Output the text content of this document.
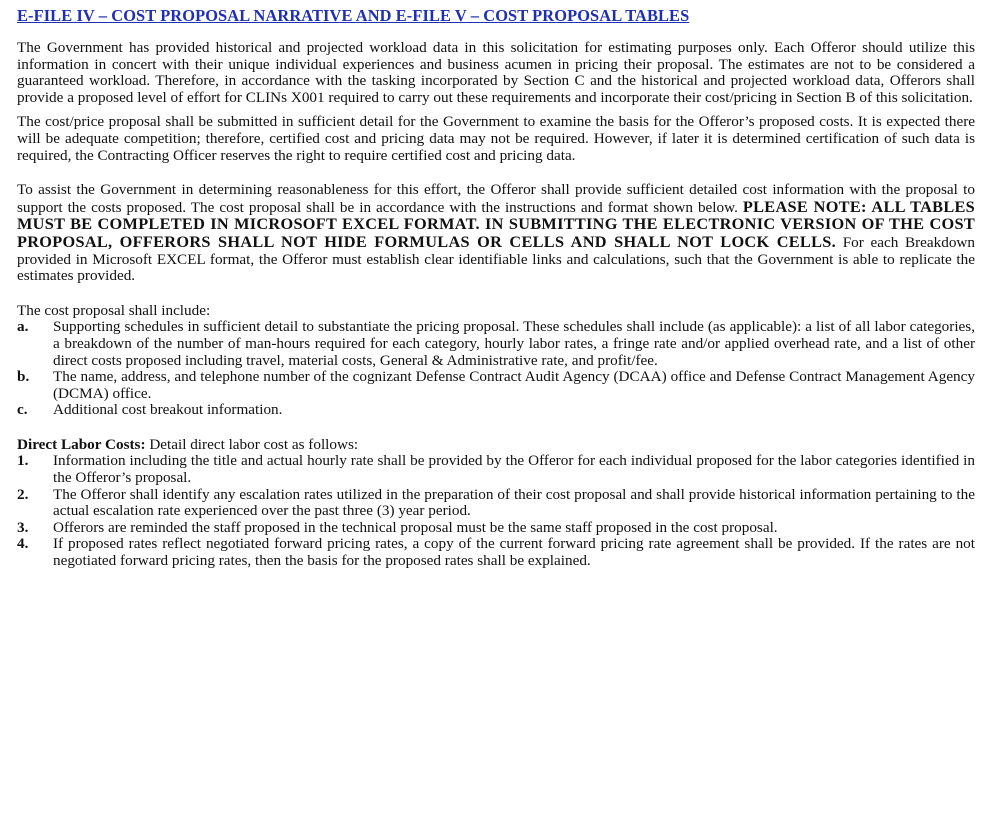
E-FILE IV – COST PROPOSAL NARRATIVE AND E-FILE V – COST PROPOSAL TABLES

The Government has provided historical and projected workload data in this solicitation for estimating purposes only. Each Offeror should utilize this information in concert with their unique individual experiences and business acumen in pricing their proposal. The estimates are not to be considered a guaranteed workload. Therefore, in accordance with the tasking incorporated by Section C and the historical and projected workload data, Offerors shall provide a proposed level of effort for CLINs X001 required to carry out these requirements and incorporate their cost/pricing in Section B of this solicitation.

The cost/price proposal shall be submitted in sufficient detail for the Government to examine the basis for the Offeror’s proposed costs. It is expected there will be adequate competition; therefore, certified cost and pricing data may not be required. However, if later it is determined certification of such data is required, the Contracting Officer reserves the right to require certified cost and pricing data.

To assist the Government in determining reasonableness for this effort, the Offeror shall provide sufficient detailed cost information with the proposal to support the costs proposed. The cost proposal shall be in accordance with the instructions and format shown below. PLEASE NOTE: ALL TABLES MUST BE COMPLETED IN MICROSOFT EXCEL FORMAT. IN SUBMITTING THE ELECTRONIC VERSION OF THE COST PROPOSAL, OFFERORS SHALL NOT HIDE FORMULAS OR CELLS AND SHALL NOT LOCK CELLS. For each Breakdown provided in Microsoft EXCEL format, the Offeror must establish clear identifiable links and calculations, such that the Government is able to replicate the estimates provided.

The cost proposal shall include:

a. Supporting schedules in sufficient detail to substantiate the pricing proposal. These schedules shall include (as applicable): a list of all labor categories, a breakdown of the number of man-hours required for each category, hourly labor rates, a fringe rate and/or applied overhead rate, and a list of other direct costs proposed including travel, material costs, General & Administrative rate, and profit/fee.
b. The name, address, and telephone number of the cognizant Defense Contract Audit Agency (DCAA) office and Defense Contract Management Agency (DCMA) office.
c. Additional cost breakout information.

Direct Labor Costs: Detail direct labor cost as follows:

1. Information including the title and actual hourly rate shall be provided by the Offeror for each individual proposed for the labor categories identified in the Offeror’s proposal.
2. The Offeror shall identify any escalation rates utilized in the preparation of their cost proposal and shall provide historical information pertaining to the actual escalation rate experienced over the past three (3) year period.
3. Offerors are reminded the staff proposed in the technical proposal must be the same staff proposed in the cost proposal.
4. If proposed rates reflect negotiated forward pricing rates, a copy of the current forward pricing rate agreement shall be provided. If the rates are not negotiated forward pricing rates, then the basis for the proposed rates shall be explained.
